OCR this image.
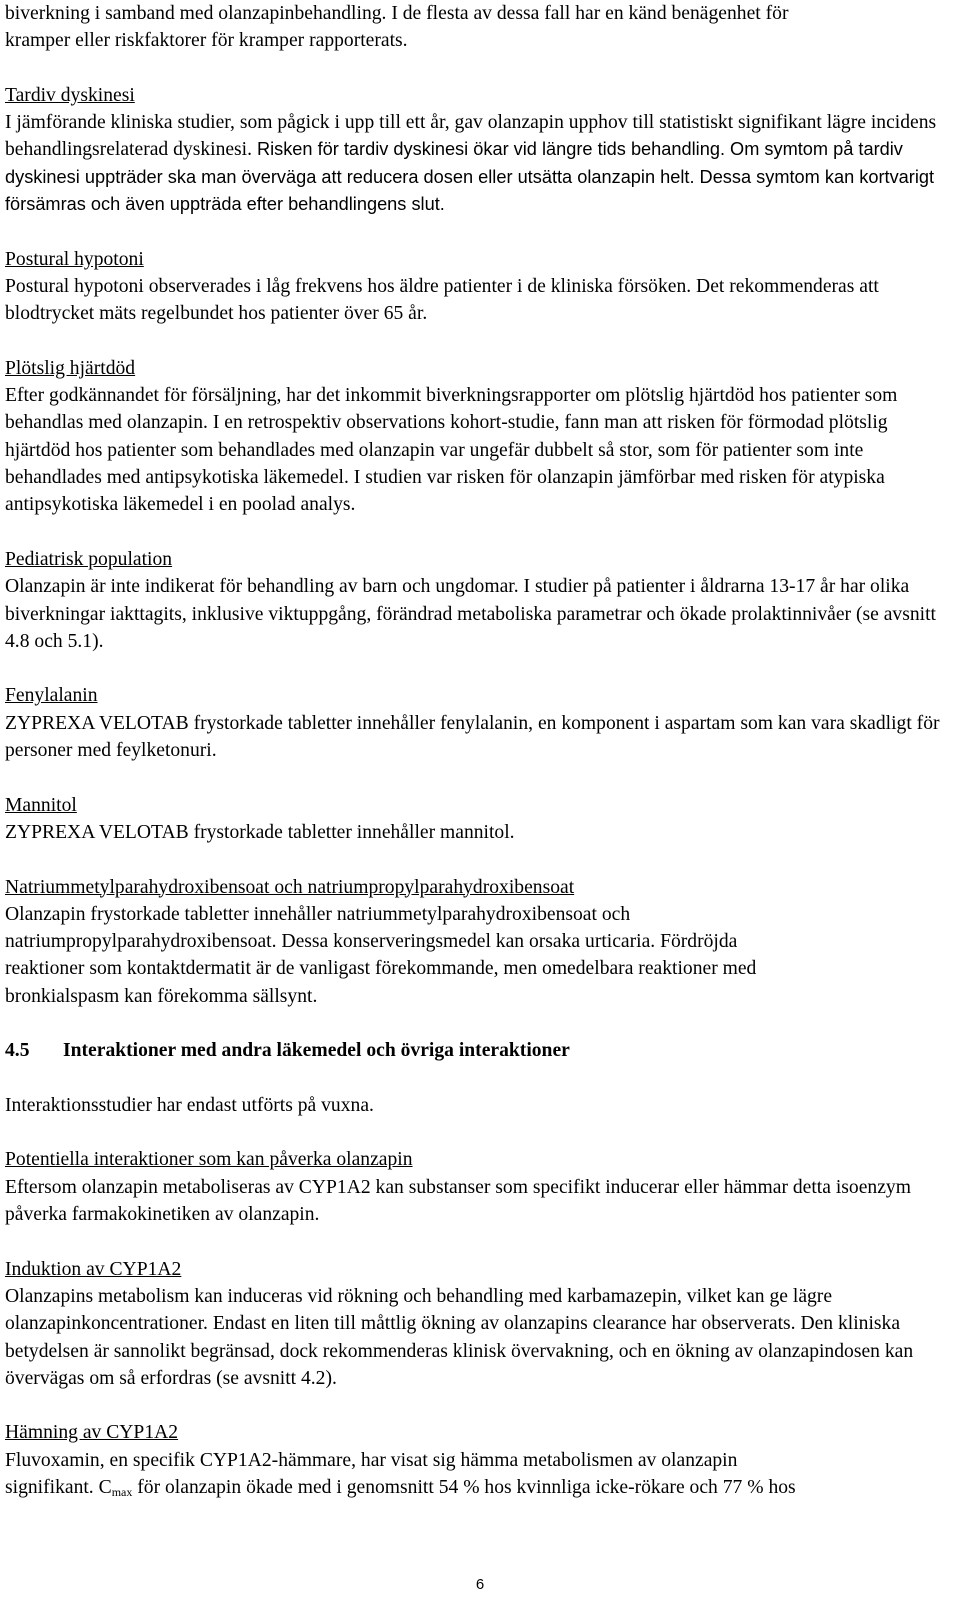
biverkning i samband med olanzapinbehandling. I de flesta av dessa fall har en känd benägenhet för
kramper eller riskfaktorer för kramper rapporterats.

Tardiv dyskinesi

I jämförande kliniska studier, som pågick i upp till ett år, gav olanzapin upphov till statistiskt signifikant lägre incidens behandlingsrelaterad dyskinesi. Risken för tardiv dyskinesi ökar vid längre tids behandling. Om symtom på tardiv dyskinesi uppträder ska man överväga att reducera dosen eller utsätta olanzapin helt. Dessa symtom kan kortvarigt försämras och även uppträda efter behandlingens slut.

Postural hypotoni

Postural hypotoni observerades i låg frekvens hos äldre patienter i de kliniska försöken. Det rekommenderas att blodtrycket mäts regelbundet hos patienter över 65 år.

Plötslig hjärtdöd

Efter godkännandet för försäljning, har det inkommit biverkningsrapporter om plötslig hjärtdöd hos patienter som behandlas med olanzapin. I en retrospektiv observations kohort-studie, fann man att risken för förmodad plötslig hjärtdöd hos patienter som behandlades med olanzapin var ungefär dubbelt så stor, som för patienter som inte behandlades med antipsykotiska läkemedel. I studien var risken för olanzapin jämförbar med risken för atypiska antipsykotiska läkemedel i en poolad analys.

Pediatrisk population

Olanzapin är inte indikerat för behandling av barn och ungdomar. I studier på patienter i åldrarna 13-17 år har olika biverkningar iakttagits, inklusive viktuppgång, förändrad metaboliska parametrar och ökade prolaktinnivåer (se avsnitt 4.8 och 5.1).

Fenylalanin

ZYPREXA VELOTAB frystorkade tabletter innehåller fenylalanin, en komponent i aspartam som kan vara skadligt för personer med feylketonuri.

Mannitol

ZYPREXA VELOTAB frystorkade tabletter innehåller mannitol.

Natriummetylparahydroxibensoat och natriumpropylparahydroxibensoat

Olanzapin frystorkade tabletter innehåller natriummetylparahydroxibensoat och
natriumpropylparahydroxibensoat. Dessa konserveringsmedel kan orsaka urticaria. Fördröjda
reaktioner som kontaktdermatit är de vanligast förekommande, men omedelbara reaktioner med
bronkialspasm kan förekomma sällsynt.

4.5 Interaktioner med andra läkemedel och övriga interaktioner

Interaktionsstudier har endast utförts på vuxna.

Potentiella interaktioner som kan påverka olanzapin

Eftersom olanzapin metaboliseras av CYP1A2 kan substanser som specifikt inducerar eller hämmar detta isoenzym påverka farmakokinetiken av olanzapin.

Induktion av CYP1A2

Olanzapins metabolism kan induceras vid rökning och behandling med karbamazepin, vilket kan ge lägre olanzapinkoncentrationer. Endast en liten till måttlig ökning av olanzapins clearance har observerats. Den kliniska betydelsen är sannolikt begränsad, dock rekommenderas klinisk övervakning, och en ökning av olanzapindosen kan övervägas om så erfordras (se avsnitt 4.2).

Hämning av CYP1A2

Fluvoxamin, en specifik CYP1A2-hämmare, har visat sig hämma metabolismen av olanzapin
signifikant. $C_{max}$ för olanzapin ökade med i genomsnitt 54 % hos kvinnliga icke-rökare och 77 % hos
6
